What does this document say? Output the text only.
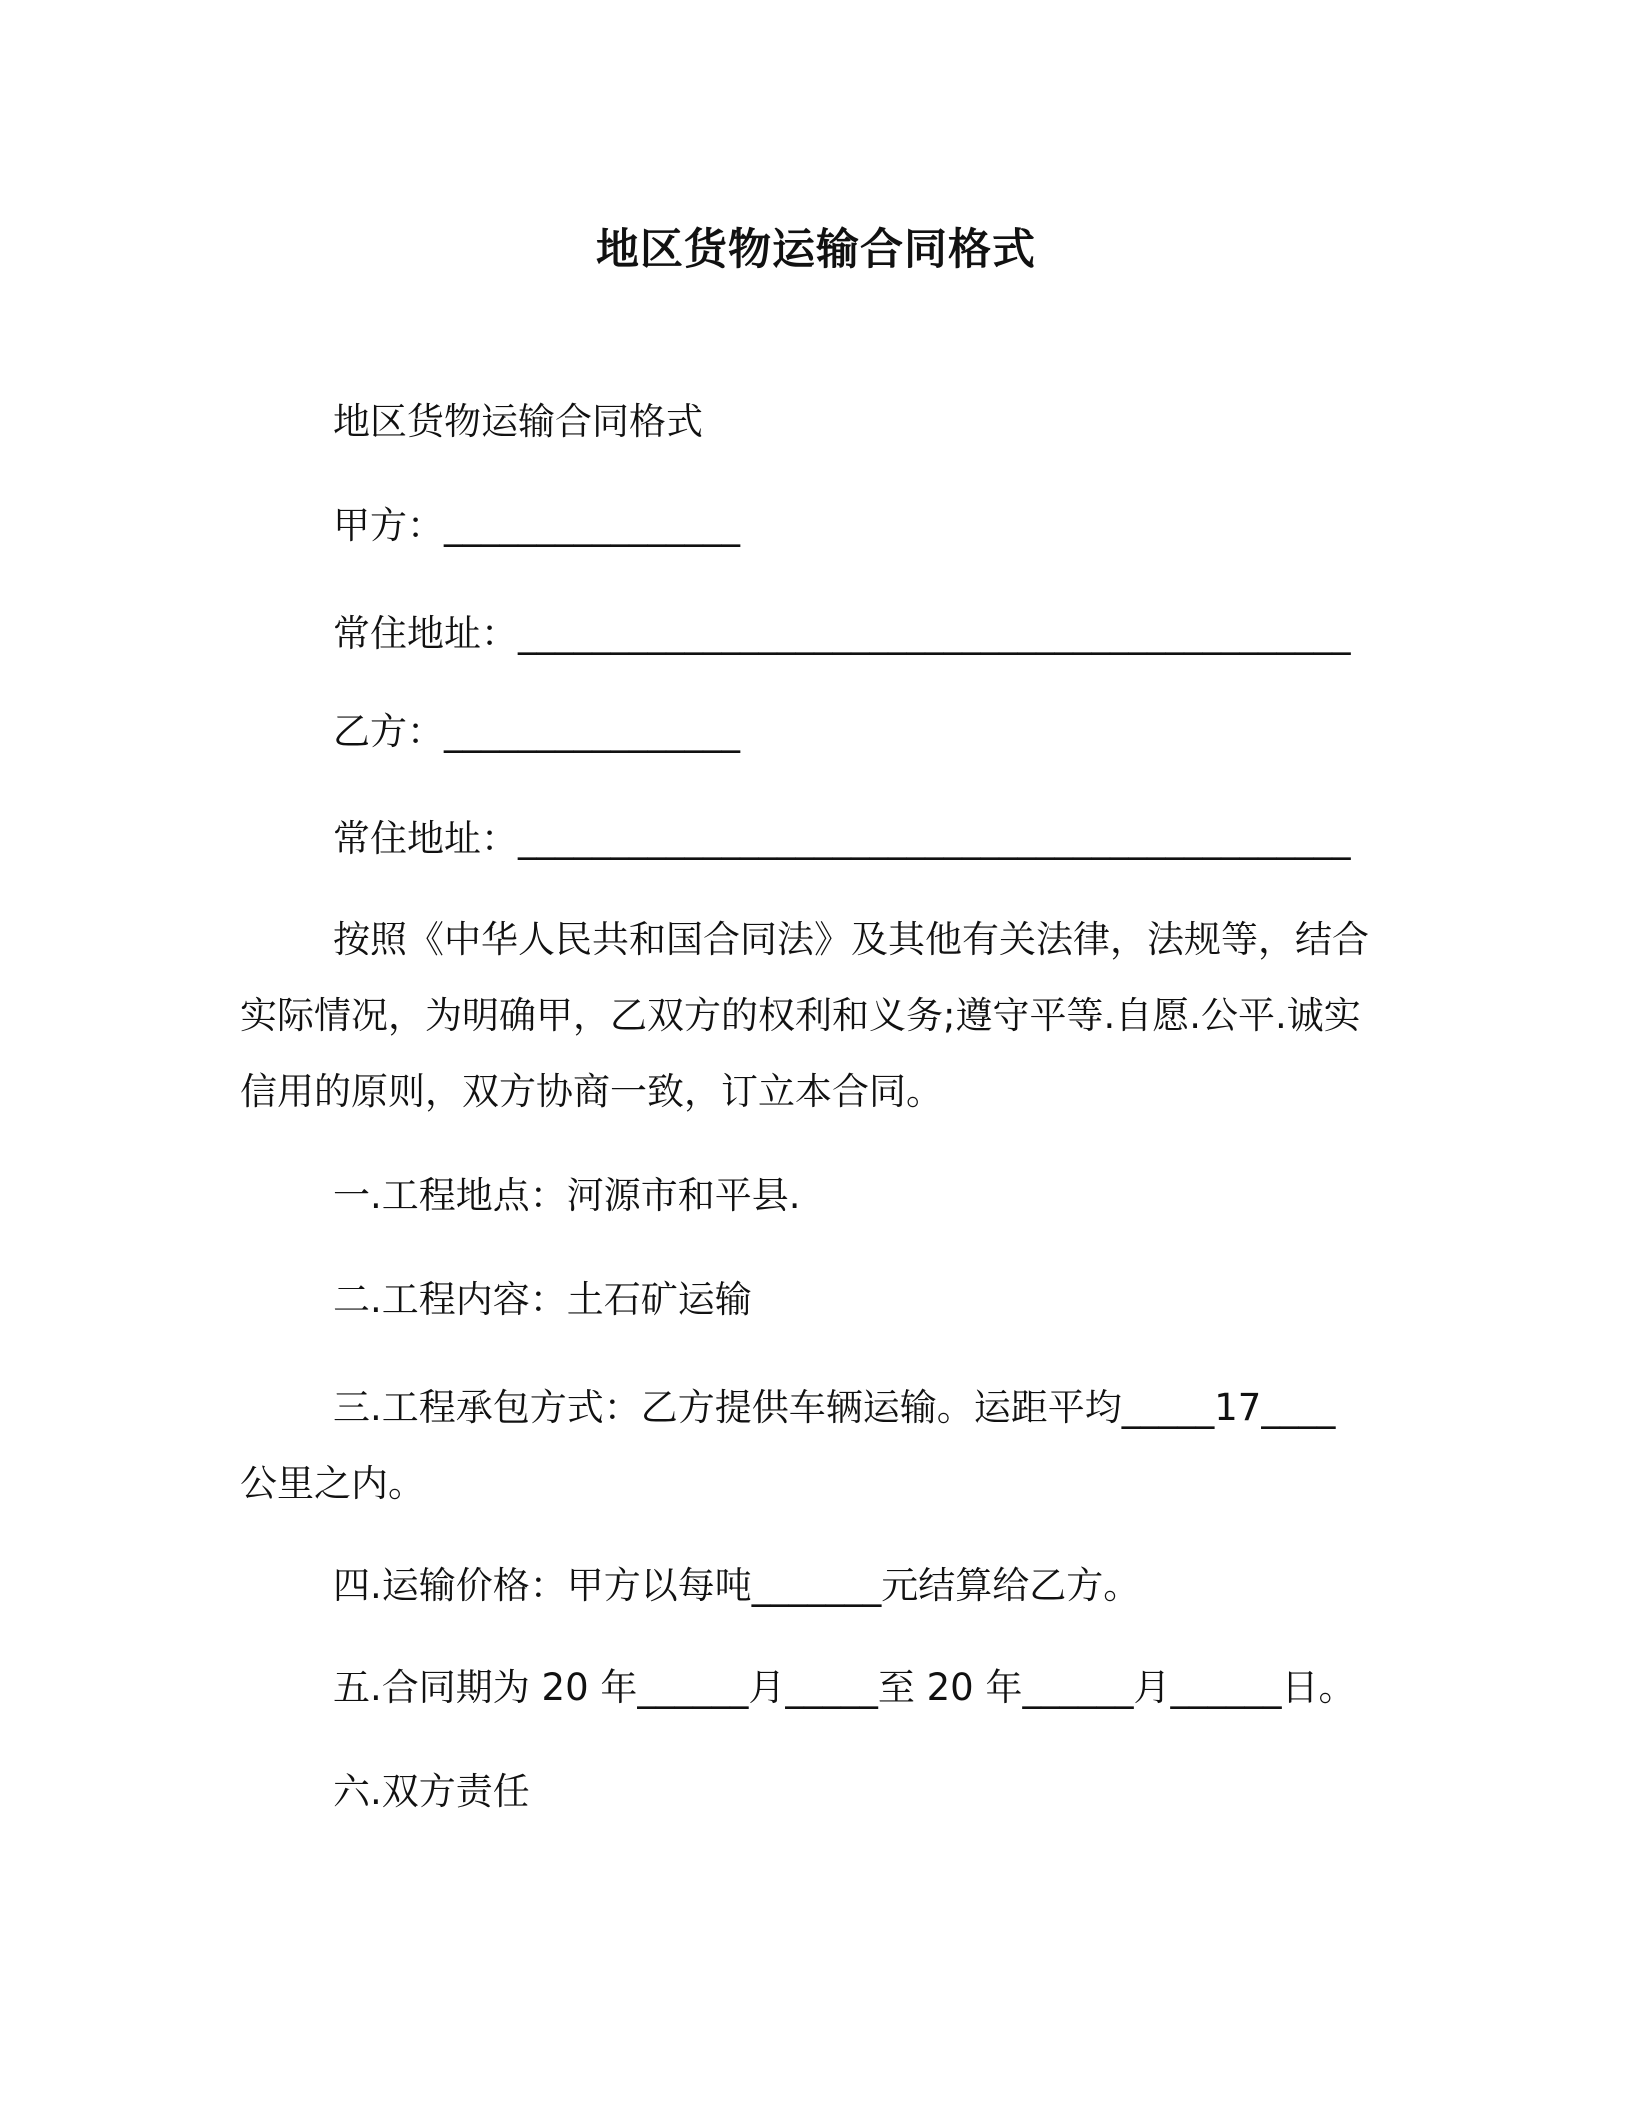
地区货物运输合同格式
地区货物运输合同格式
甲方：________________
常住地址：_____________________________________________
乙方：________________
常住地址：_____________________________________________
按照《中华人民共和国合同法》及其他有关法律，法规等，结合实际情况，为明确甲，乙双方的权利和义务;遵守平等.自愿.公平.诚实信用的原则，双方协商一致，订立本合同。
一.工程地点：河源市和平县.
二.工程内容：土石矿运输
三.工程承包方式：乙方提供车辆运输。运距平均_____17____
公里之内。
四.运输价格：甲方以每吨_______元结算给乙方。
五.合同期为 20 年______月_____至 20 年______月______日。
六.双方责任
